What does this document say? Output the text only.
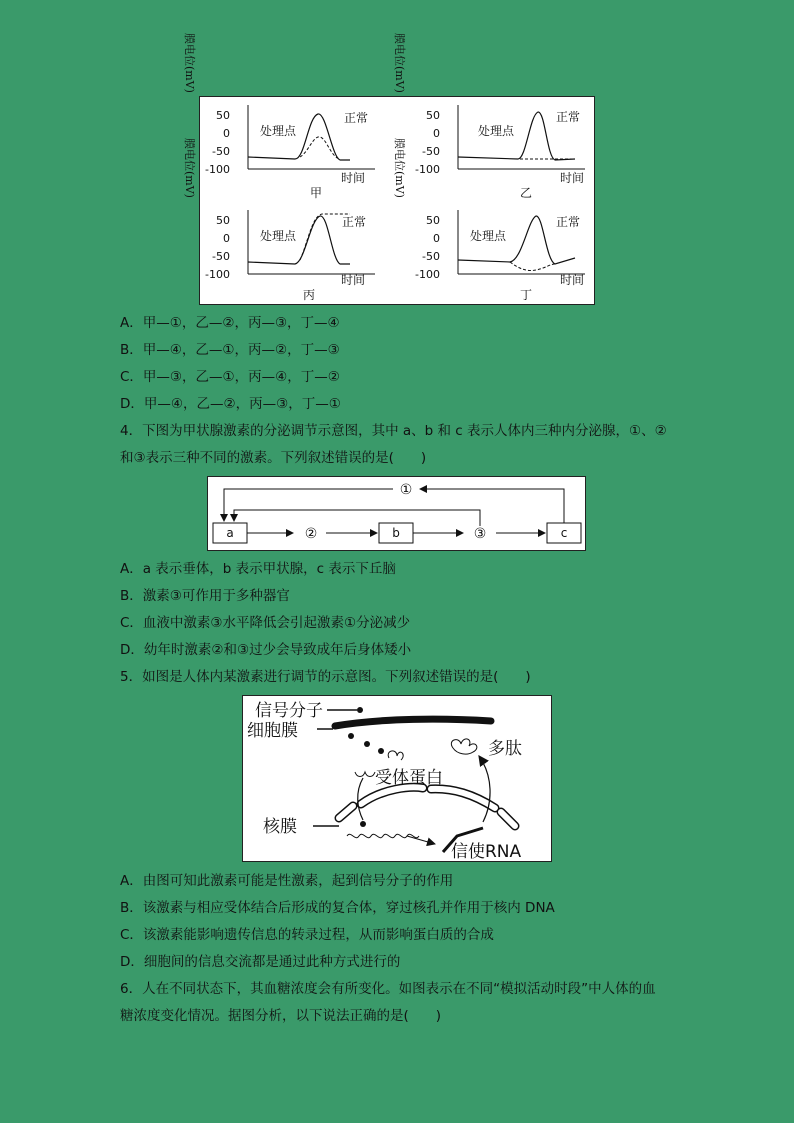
膜电位(mV)
50
0
-50
-100
处理点
正常
时间
甲
膜电位(mV)
50
0
-50
-100
处理点
正常
时间
乙
膜电位(mV)
50
0
-50
-100
处理点
正常
时间
丙
膜电位(mV)
50
0
-50
-100
处理点
正常
时间
丁
A．甲—①，乙—②，丙—③，丁—④
B．甲—④，乙—①，丙—②，丁—③
C．甲—③，乙—①，丙—④，丁—②
D．甲—④，乙—②，丙—③，丁—①
4．下图为甲状腺激素的分泌调节示意图，其中 a、b 和 c 表示人体内三种内分泌腺，①、②
和③表示三种不同的激素。下列叙述错误的是(　　)
a	b	c
②	③
①
A．a 表示垂体，b 表示甲状腺，c 表示下丘脑
B．激素③可作用于多种器官
C．血液中激素③水平降低会引起激素①分泌减少
D．幼年时激素②和③过少会导致成年后身体矮小
5．如图是人体内某激素进行调节的示意图。下列叙述错误的是(　　)
信号分子
细胞膜
受体蛋白
多肽
核膜
信使RNA
A．由图可知此激素可能是性激素，起到信号分子的作用
B．该激素与相应受体结合后形成的复合体，穿过核孔并作用于核内 DNA
C．该激素能影响遗传信息的转录过程，从而影响蛋白质的合成
D．细胞间的信息交流都是通过此种方式进行的
6．人在不同状态下，其血糖浓度会有所变化。如图表示在不同“模拟活动时段”中人体的血
糖浓度变化情况。据图分析，以下说法正确的是(　　)
